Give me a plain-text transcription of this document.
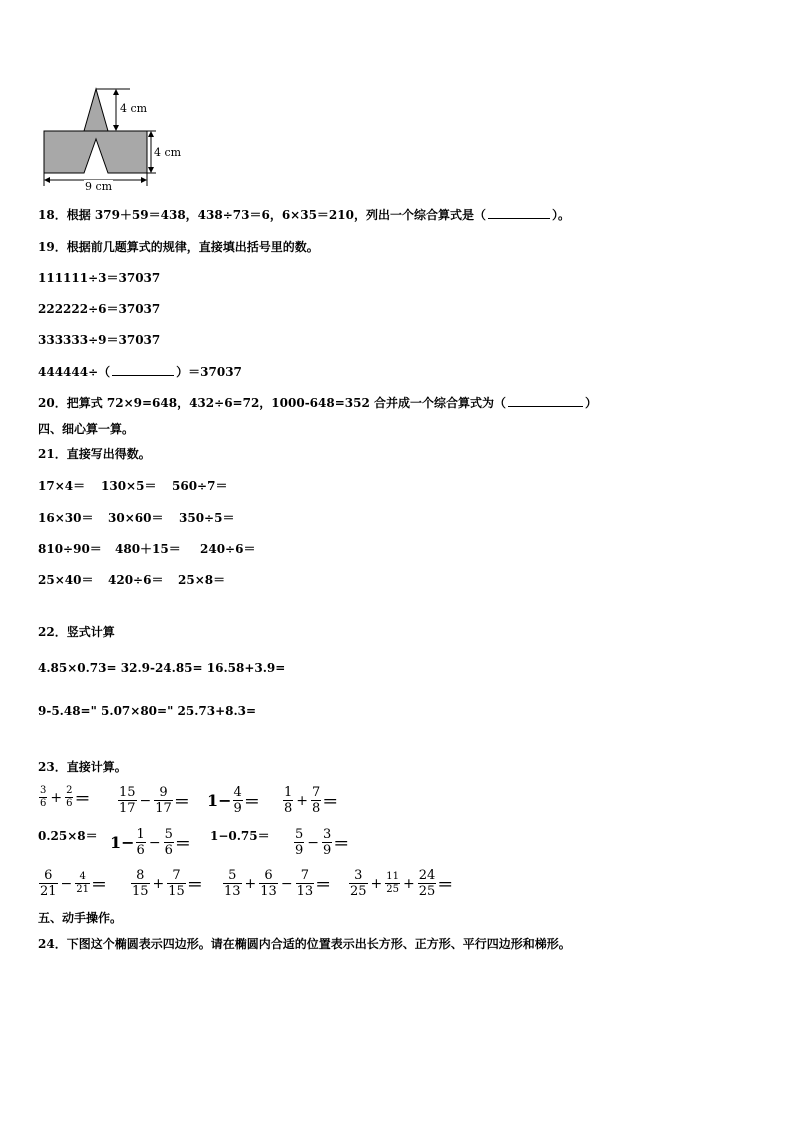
4 cm
4 cm
9 cm
18．根据 379＋59＝438，438÷73＝6，6×35＝210，列出一个综合算式是（	）。
19．根据前几题算式的规律，直接填出括号里的数。
111111÷3＝37037
222222÷6＝37037
333333÷9＝37037
444444÷（	）＝37037
20．把算式 72×9=648，432÷6=72，1000-648=352 合并成一个综合算式为（	）
四、细心算一算。
21．直接写出得数。
17×4＝ 130×5＝ 560÷7＝
16×30＝ 30×60＝ 350÷5＝
810÷90＝ 480＋15＝ 240÷6＝
25×40＝ 420÷6＝ 25×8＝
22．竖式计算
4.85×0.73= 32.9-24.85= 16.58+3.9=
9-5.48=" 5.07×80=" 25.73+8.3=
23．直接计算。
$\frac{3}{6} + \frac{2}{6} = \frac{15}{17} - \frac{9}{17} = 1- \frac{4}{9} = \frac{1}{8} + \frac{7}{8}$ ＝
$0.25\times 8= 1- \frac{1}{6} - \frac{5}{6} = 1-0.75= \frac{5}{9} - \frac{3}{9}$ ＝
$\frac{6}{21} - \frac{4}{21} = \frac{8}{15} + \frac{7}{15} = \frac{5}{13} + \frac{6}{13} - \frac{7}{13} = \frac{3}{25} + \frac{11}{25} + \frac{24}{25}$ ＝
五、动手操作。
24．下图这个椭圆表示四边形。请在椭圆内合适的位置表示出长方形、正方形、平行四边形和梯形。
